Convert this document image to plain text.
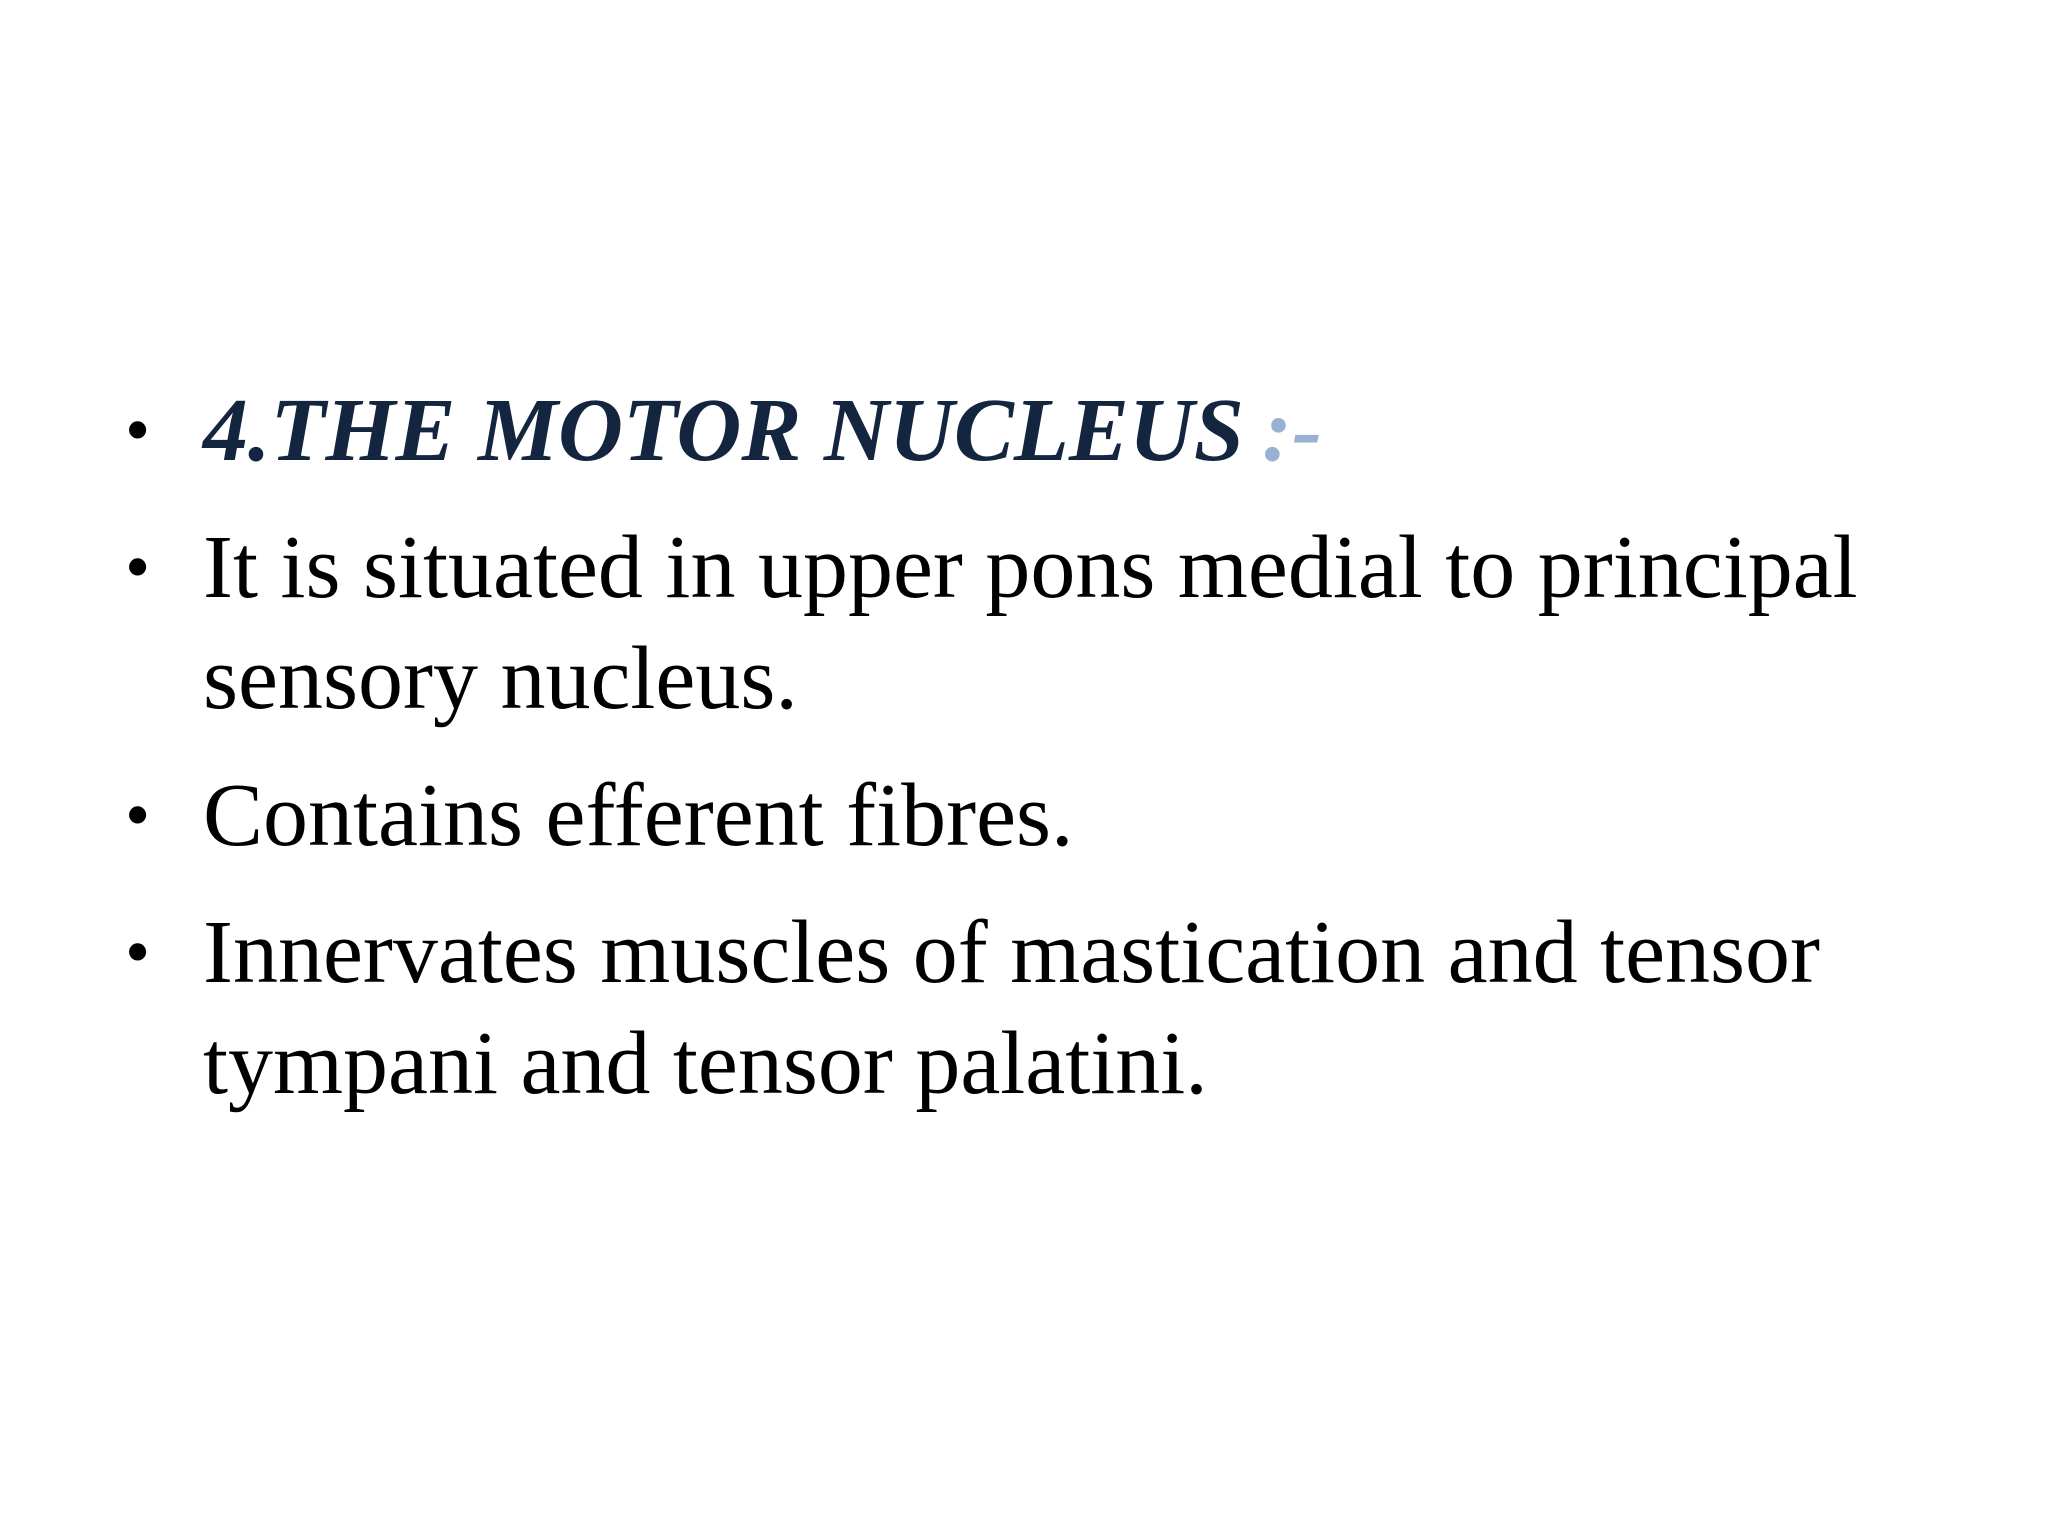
• 4.THE MOTOR NUCLEUS :-
• It is situated in upper pons medial to principal sensory nucleus.
• Contains efferent fibres.
• Innervates muscles of mastication and tensor tympani and tensor palatini.
